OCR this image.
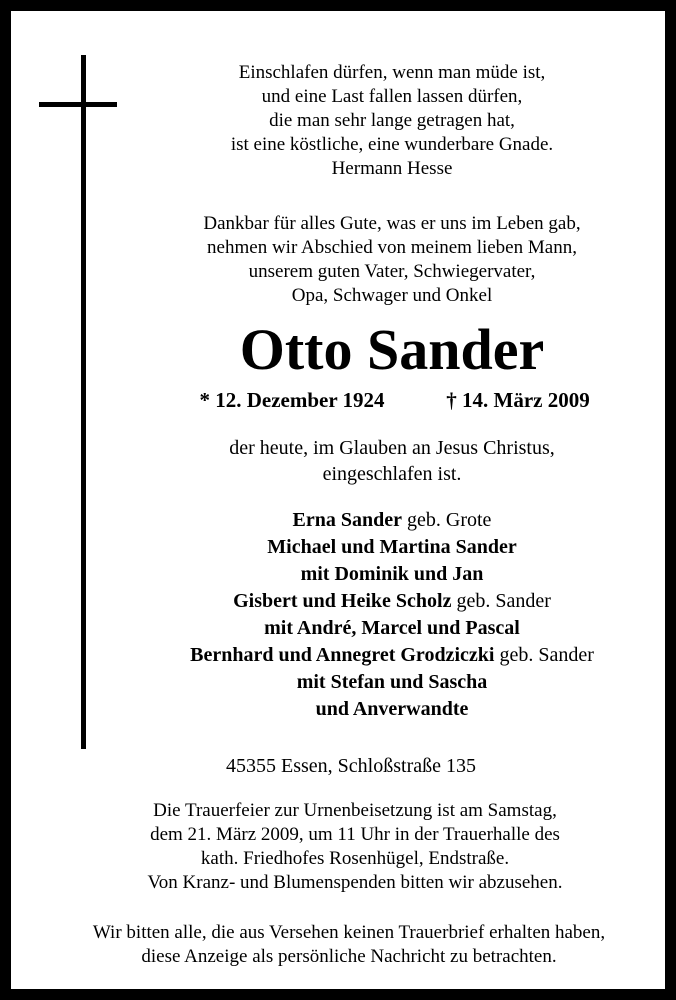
Einschlafen dürfen, wenn man müde ist,
und eine Last fallen lassen dürfen,
die man sehr lange getragen hat,
ist eine köstliche, eine wunderbare Gnade.
Hermann Hesse
Dankbar für alles Gute, was er uns im Leben gab,
nehmen wir Abschied von meinem lieben Mann,
unserem guten Vater, Schwiegervater,
Opa, Schwager und Onkel
Otto Sander
* 12. Dezember 1924	† 14. März 2009
der heute, im Glauben an Jesus Christus,
eingeschlafen ist.
Erna Sander geb. Grote
Michael und Martina Sander
mit Dominik und Jan
Gisbert und Heike Scholz geb. Sander
mit André, Marcel und Pascal
Bernhard und Annegret Grodziczki geb. Sander
mit Stefan und Sascha
und Anverwandte
45355 Essen, Schloßstraße 135
Die Trauerfeier zur Urnenbeisetzung ist am Samstag,
dem 21. März 2009, um 11 Uhr in der Trauerhalle des
kath. Friedhofes Rosenhügel, Endstraße.
Von Kranz- und Blumenspenden bitten wir abzusehen.
Wir bitten alle, die aus Versehen keinen Trauerbrief erhalten haben,
diese Anzeige als persönliche Nachricht zu betrachten.
